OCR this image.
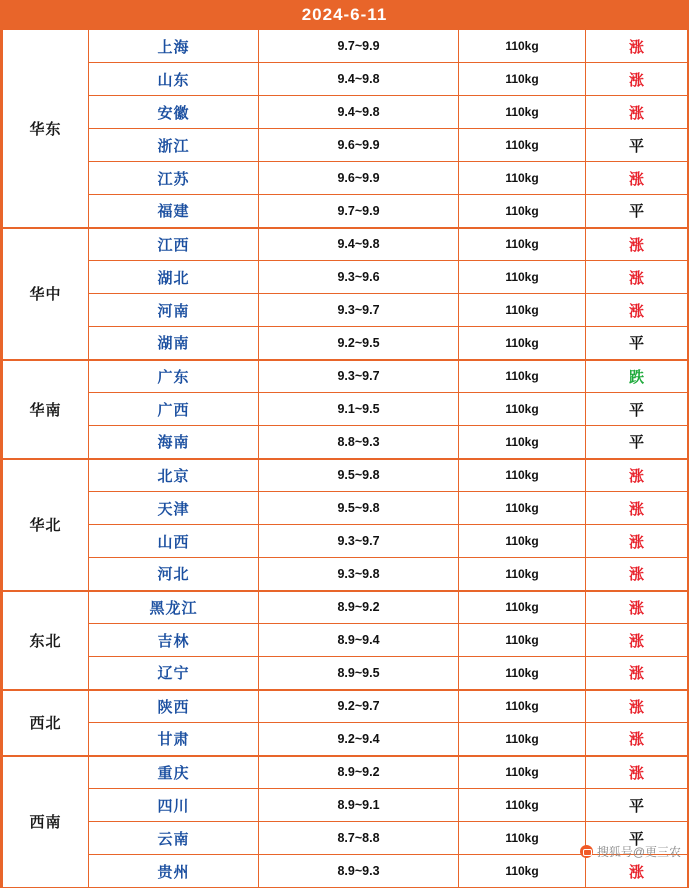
2024-6-11
华东	上海	9.7~9.9	110kg	涨
	山东	9.4~9.8	110kg	涨
	安徽	9.4~9.8	110kg	涨
	浙江	9.6~9.9	110kg	平
	江苏	9.6~9.9	110kg	涨
	福建	9.7~9.9	110kg	平
华中	江西	9.4~9.8	110kg	涨
	湖北	9.3~9.6	110kg	涨
	河南	9.3~9.7	110kg	涨
	湖南	9.2~9.5	110kg	平
华南	广东	9.3~9.7	110kg	跌
	广西	9.1~9.5	110kg	平
	海南	8.8~9.3	110kg	平
华北	北京	9.5~9.8	110kg	涨
	天津	9.5~9.8	110kg	涨
	山西	9.3~9.7	110kg	涨
	河北	9.3~9.8	110kg	涨
东北	黑龙江	8.9~9.2	110kg	涨
	吉林	8.9~9.4	110kg	涨
	辽宁	8.9~9.5	110kg	涨
西北	陕西	9.2~9.7	110kg	涨
	甘肃	9.2~9.4	110kg	涨
西南	重庆	8.9~9.2	110kg	涨
	四川	8.9~9.1	110kg	平
	云南	8.7~8.8	110kg	平
	贵州	8.9~9.3	110kg	涨
搜狐号@更三农
